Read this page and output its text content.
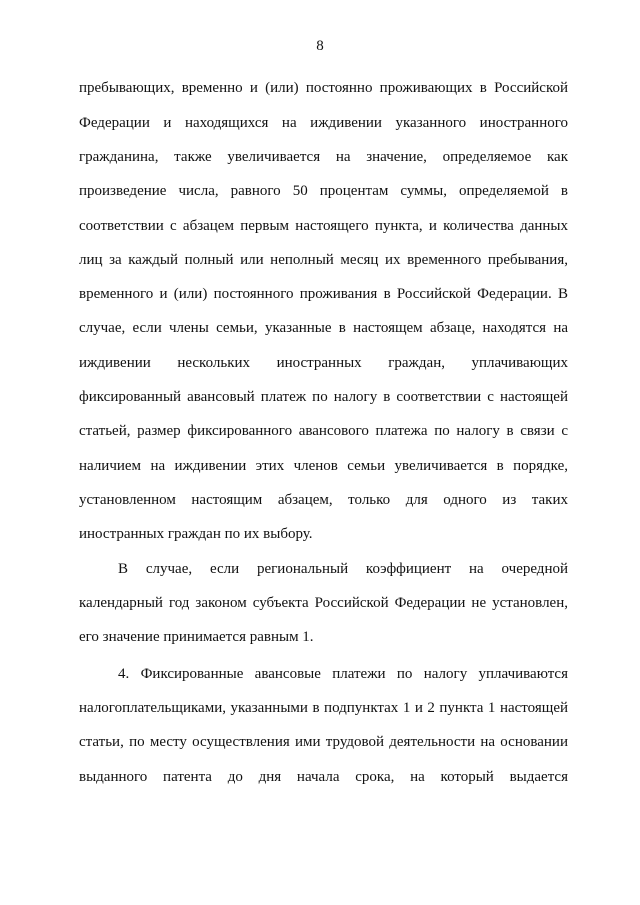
8
пребывающих, временно и (или) постоянно проживающих в Российской
Федерации и находящихся на иждивении указанного иностранного
гражданина, также увеличивается на значение, определяемое как
произведение числа, равного 50 процентам суммы, определяемой в
соответствии с абзацем первым настоящего пункта, и количества данных
лиц за каждый полный или неполный месяц их временного пребывания,
временного и (или) постоянного проживания в Российской Федерации. В
случае, если члены семьи, указанные в настоящем абзаце, находятся на
иждивении нескольких иностранных граждан, уплачивающих
фиксированный авансовый платеж по налогу в соответствии с настоящей
статьей, размер фиксированного авансового платежа по налогу в связи с
наличием на иждивении этих членов семьи увеличивается в порядке,
установленном настоящим абзацем, только для одного из таких
иностранных граждан по их выбору.
В случае, если региональный коэффициент на очередной
календарный год законом субъекта Российской Федерации не установлен,
его значение принимается равным 1.
4. Фиксированные авансовые платежи по налогу уплачиваются
налогоплательщиками, указанными в подпунктах 1 и 2 пункта 1 настоящей
статьи, по месту осуществления ими трудовой деятельности на основании
выданного патента до дня начала срока, на который выдается
